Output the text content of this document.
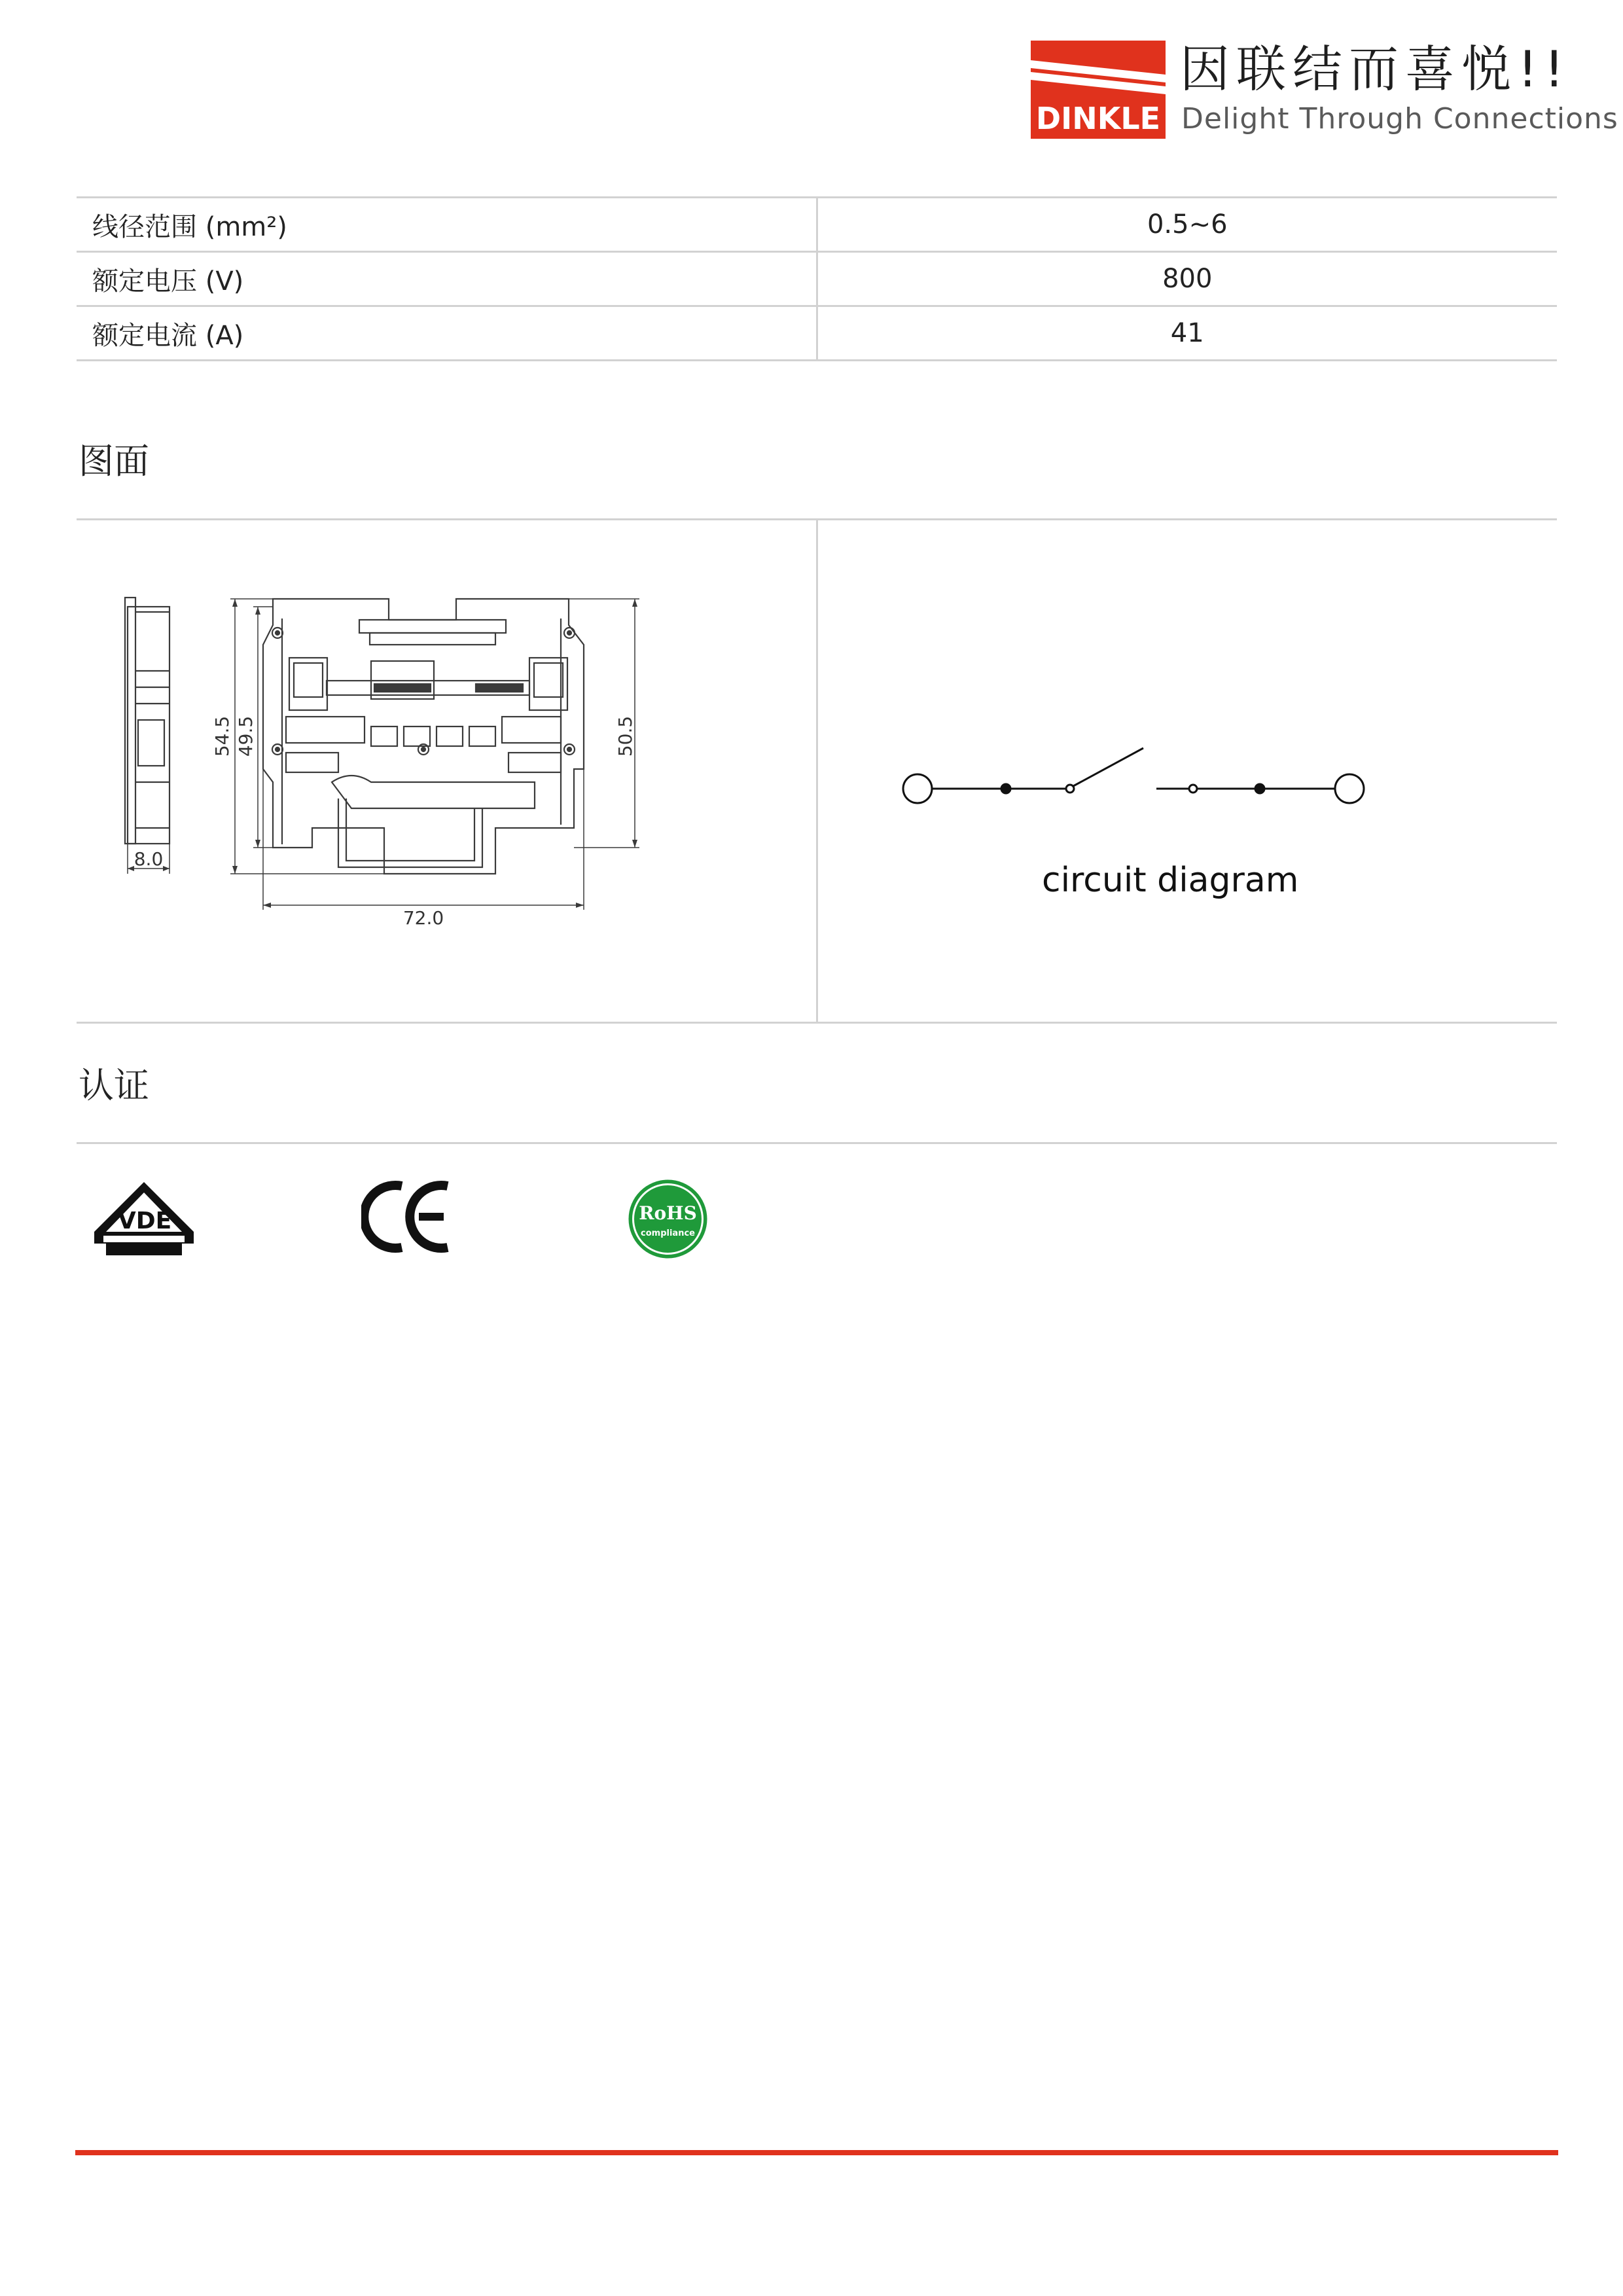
DINKLE
因联结而喜悦!!
Delight Through Connections
线径范围 (mm²)	0.5~6
额定电压 (V)	800
额定电流 (A)	41
图面
8.0
54.5 49.5	50.5
72.0
circuit diagram
认证
VDE	RoHS
compliance
